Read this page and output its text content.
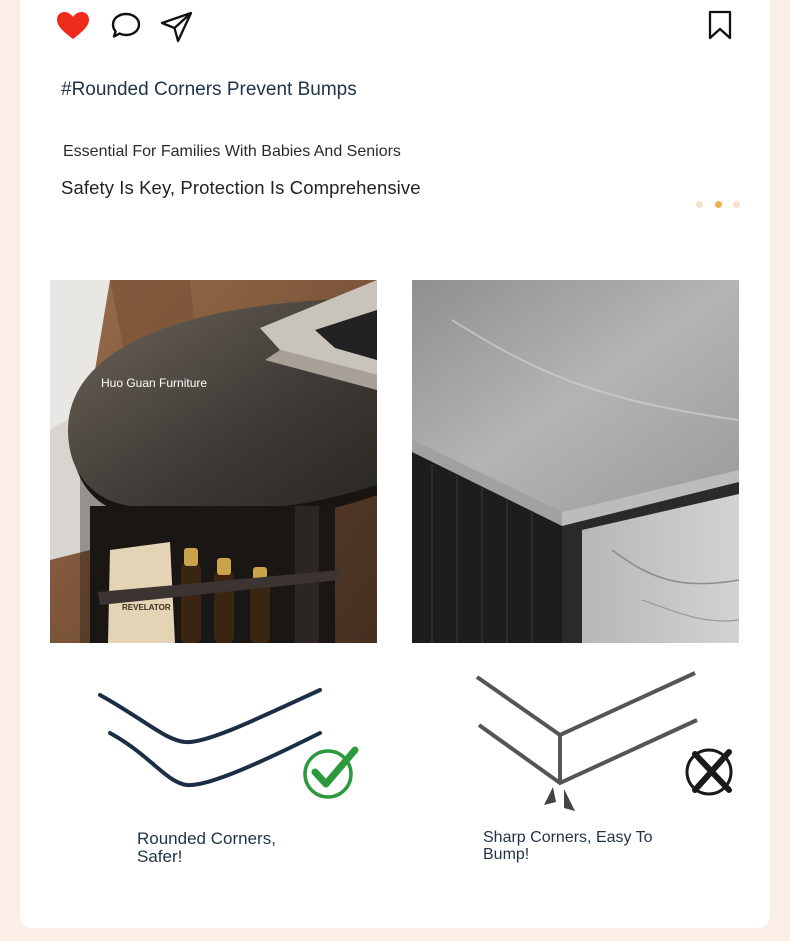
#Rounded Corners Prevent Bumps
Essential For Families With Babies And Seniors
Safety Is Key, Protection Is Comprehensive
REVELATOR
Huo Guan Furniture
Rounded Corners,
Safer!
Sharp Corners, Easy To
Bump!
